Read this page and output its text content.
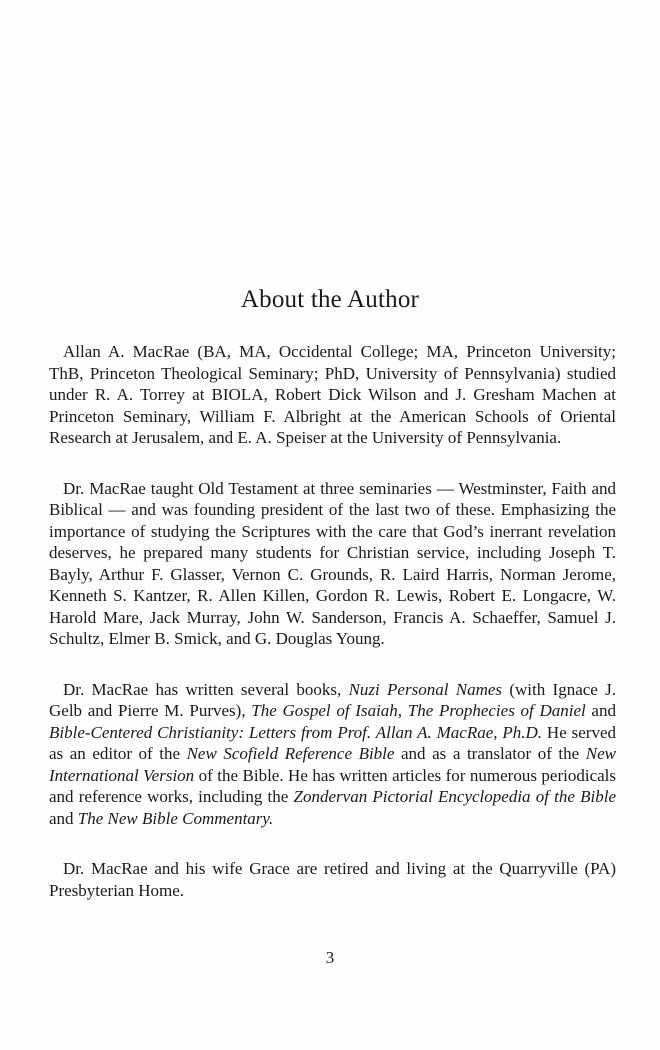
About the Author

Allan A. MacRae (BA, MA, Occidental College; MA, Princeton University; ThB, Princeton Theological Seminary; PhD, University of Pennsylvania) studied under R. A. Torrey at BIOLA, Robert Dick Wilson and J. Gresham Machen at Princeton Seminary, William F. Albright at the American Schools of Oriental Research at Jerusalem, and E. A. Speiser at the University of Pennsylvania.

Dr. MacRae taught Old Testament at three seminaries — Westminster, Faith and Biblical — and was founding president of the last two of these. Emphasizing the importance of studying the Scriptures with the care that God’s inerrant revelation deserves, he prepared many students for Christian service, including Joseph T. Bayly, Arthur F. Glasser, Vernon C. Grounds, R. Laird Harris, Norman Jerome, Kenneth S. Kantzer, R. Allen Killen, Gordon R. Lewis, Robert E. Longacre, W. Harold Mare, Jack Murray, John W. Sanderson, Francis A. Schaeffer, Samuel J. Schultz, Elmer B. Smick, and G. Douglas Young.

Dr. MacRae has written several books, Nuzi Personal Names (with Ignace J. Gelb and Pierre M. Purves), The Gospel of Isaiah, The Prophecies of Daniel and Bible-Centered Christianity: Letters from Prof. Allan A. MacRae, Ph.D. He served as an editor of the New Scofield Reference Bible and as a translator of the New International Version of the Bible. He has written articles for numerous periodicals and reference works, including the Zondervan Pictorial Encyclopedia of the Bible and The New Bible Commentary.

Dr. MacRae and his wife Grace are retired and living at the Quarryville (PA) Presbyterian Home.

3
